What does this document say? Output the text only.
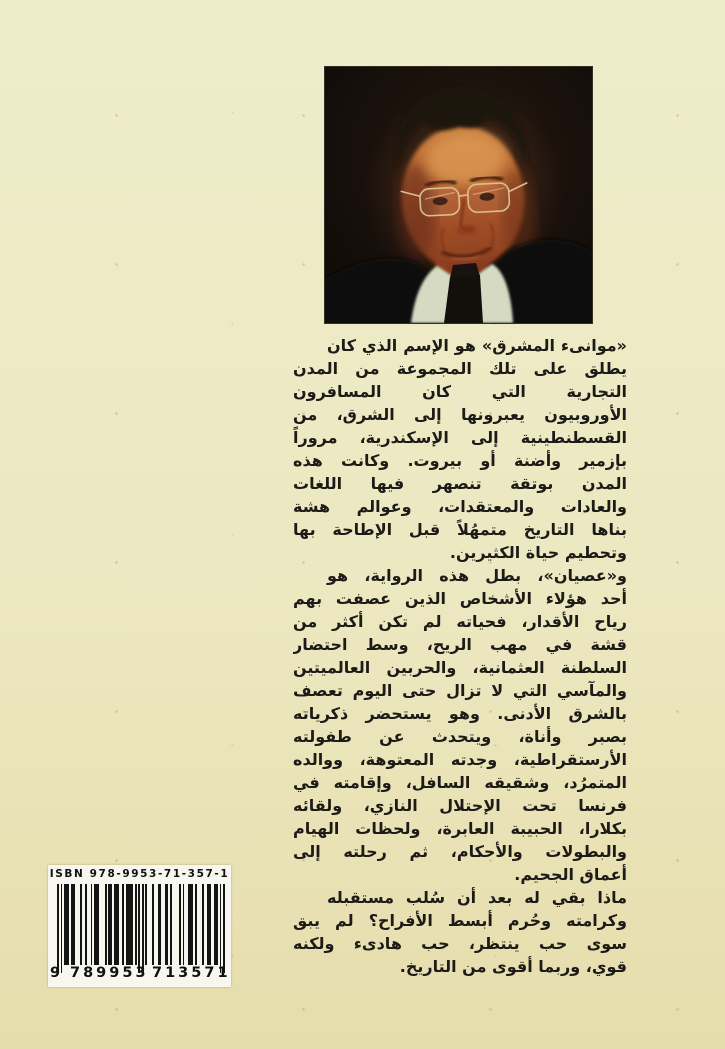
«موانىء المشرق» هو الإسم الذي كان
يطلق على تلك المجموعة من المدن
التجارية التي كان المسافرون
الأوروبيون يعبرونها إلى الشرق، من
القسطنطينية إلى الإسكندرية، مروراً
بإزمير وأضنة أو بيروت. وكانت هذه
المدن بوتقة تنصهر فيها اللغات
والعادات والمعتقدات، وعوالم هشة
بناها التاريخ متمهُلاً قبل الإطاحة بها
وتحطيم حياة الكثيرين.
و«عصيان»، بطل هذه الرواية، هو
أحد هؤلاء الأشخاص الذين عصفت بهم
رياح الأقدار، فحياته لم تكن أكثر من
قشة في مهب الريح، وسط احتضار
السلطنة العثمانية، والحربين العالميتين
والمآسي التي لا تزال حتى اليوم تعصف
بالشرق الأدنى. وهو يستحضر ذكرياته
بصبر وأناة، ويتحدث عن طفولته
الأرستقراطية، وجدته المعتوهة، ووالده
المتمرُد، وشقيقه السافل، وإقامته في
فرنسا تحت الإحتلال النازي، ولقائه
بكلارا، الحبيبة العابرة، ولحظات الهيام
والبطولات والأحكام، ثم رحلته إلى
أعماق الجحيم.
ماذا بقي له بعد أن سُلب مستقبله
وكرامته وحُرم أبسط الأفراح؟ لم يبق
سوى حب ينتظر، حب هادىء ولكنه
قوي، وربما أقوى من التاريخ.
ISBN 978-9953-71-357-1
9 789953 713571
